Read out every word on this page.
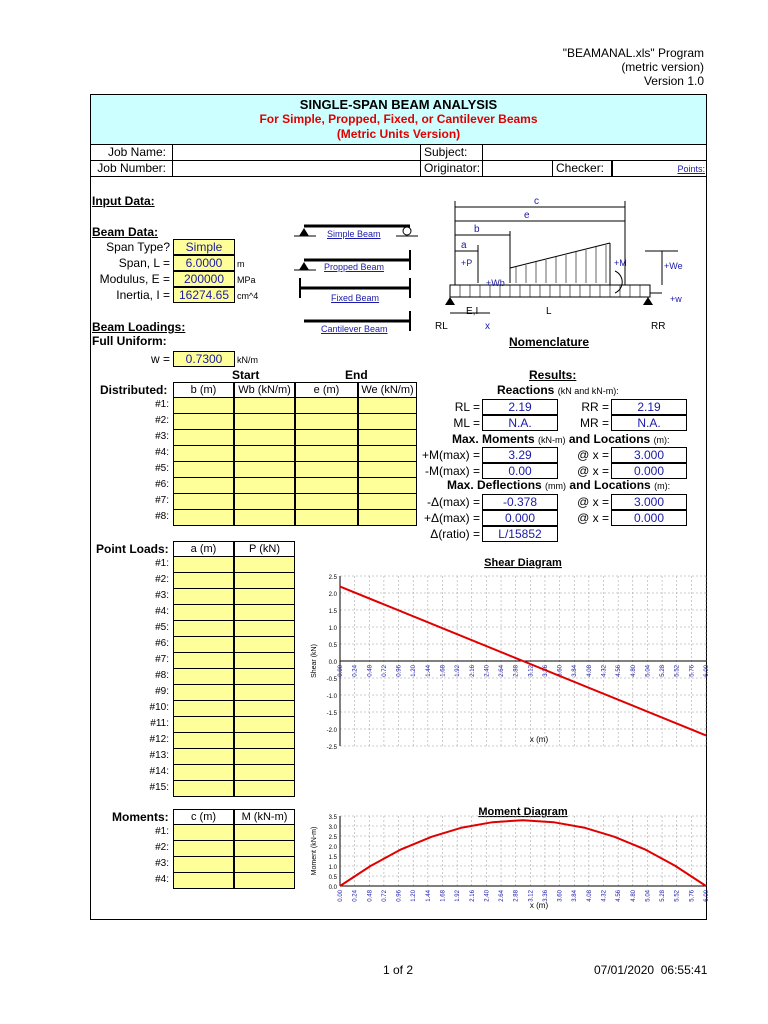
"BEAMANAL.xls" Program
(metric version)
Version 1.0
SINGLE-SPAN BEAM ANALYSIS
For Simple, Propped, Fixed, or Cantilever Beams
(Metric Units Version)
Job Name:	Subject:
Job Number:	Originator:	Checker:	Points:
Input Data:
Beam Data:
Span Type?	Simple
Span, L =	6.0000	m
Modulus, E =	200000	MPa
Inertia, I = 16274.65 cm^4
Beam Loadings:
Full Uniform:
w =	0.7300	kN/m
Simple Beam
Propped Beam
Fixed Beam
Cantilever Beam
c
e
b
a
+P
+Wb
+M	+We
+w
E,I	L
RL	x	RR
Nomenclature
Start	End
Distributed:	b (m)	Wb (kN/m)	e (m)	We (kN/m)
#1:
#2:
#3:
#4:
#5:
#6:
#7:
#8:
Point Loads:	a (m)	P (kN)
#1:
#2:
#3:
#4:
#5:
#6:
#7:
#8:
#9:
#10:
#11:
#12:
#13:
#14:
#15:
Moments:	c (m)	M (kN-m)
#1:
#2:
#3:
#4:
Results:
Reactions (kN and kN-m):
RL =	2.19	RR =	2.19
ML =	N.A.	MR =	N.A.
Max. Moments (kN-m) and Locations (m):
+M(max) =	3.29	@ x =	3.000
-M(max) =	0.00	@ x =	0.000
Max. Deflections (mm) and Locations (m):
-Δ(max) =	-0.378	@ x =	3.000
+Δ(max) =	0.000	@ x =	0.000
Δ(ratio) =	L/15852
Shear Diagram
2.5
2.0
1.5
1.0
0.5
0.0
-0.5
-1.0
-1.5
-2.0
-2.5
0.00 0.24 0.48 0.72 0.96 1.20 1.44 1.68 1.92 2.16 2.40 2.64 2.88 3.12 3.36 3.60 3.84 4.08 4.32 4.56 4.80 5.04 5.28 5.52 5.76 6.00
x (m)
Shear (kN)
Moment Diagram
3.5
3.0
2.5
2.0
1.5
1.0
0.5
0.0
0.00 0.24 0.48 0.72 0.96 1.20 1.44 1.68 1.92 2.16 2.40 2.64 2.88 3.12 3.36 3.60 3.84 4.08 4.32 4.56 4.80 5.04 5.28 5.52 5.76 6.00
x (m)
Moment (kN-m)
1 of 2	07/01/2020 06:55:41
